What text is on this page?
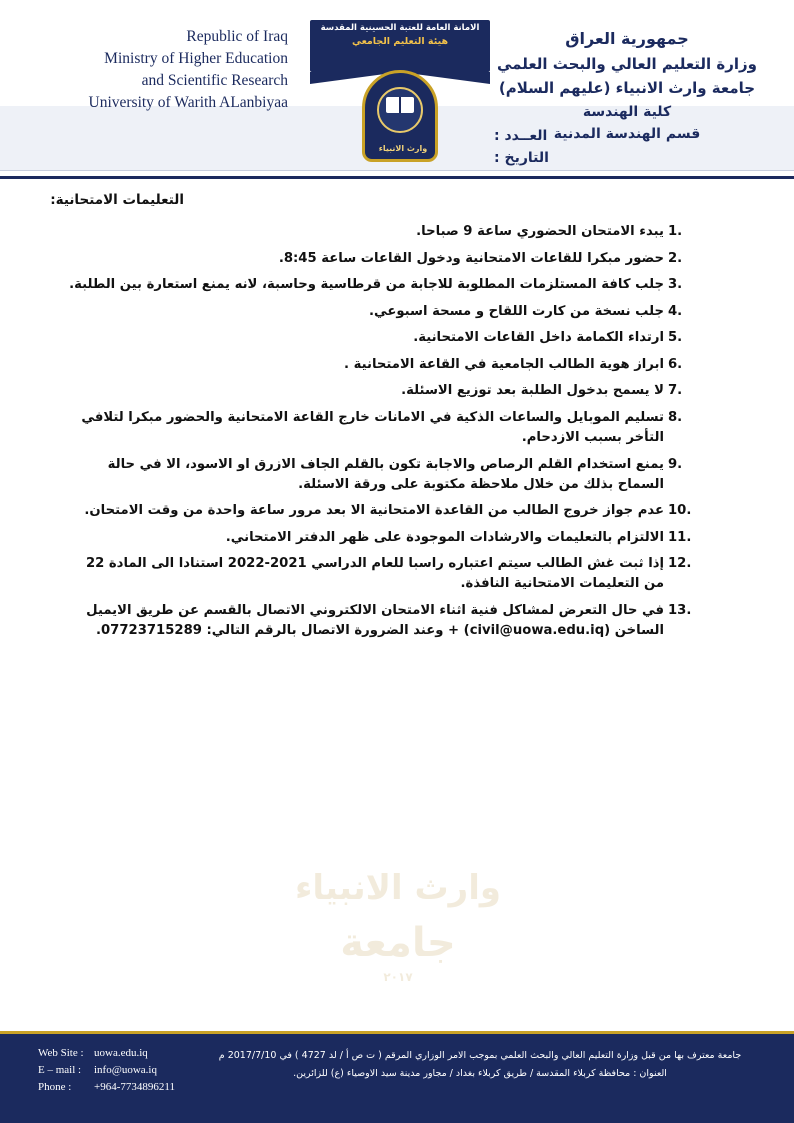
Republic of Iraq
Ministry of Higher Education
and Scientific Research
University of Warith ALanbiyaa
الامانة العامة للعتبة الحسينية المقدسة
هيئة التعليم الجامعي
وارث الانبياء
جمهورية العراق
وزارة التعليم العالي والبحث العلمي
جامعة وارث الانبياء (عليهم السلام)
كلية الهندسة
قسم الهندسة المدنية
العــدد :
التاريخ :
التعليمات الامتحانية:
1.
يبدء الامتحان الحضوري ساعة 9 صباحا.
2.
حضور مبكرا للقاعات الامتحانية ودخول القاعات ساعة 8:45.
3.
جلب كافة المستلزمات المطلوبة للاجابة من قرطاسية وحاسبة، لانه يمنع استعارة بين الطلبة.
4.
جلب نسخة من كارت اللقاح و مسحة اسبوعي.
5.
ارتداء الكمامة داخل القاعات الامتحانية.
6.
ابراز هوية الطالب الجامعية في القاعة الامتحانية .
7.
لا يسمح بدخول الطلبة بعد توزيع الاسئلة.
8.
تسليم الموبايل والساعات الذكية في الامانات خارج القاعة الامتحانية والحضور مبكرا لتلافي التأخر بسبب الازدحام.
9.
يمنع استخدام القلم الرصاص والاجابة تكون بالقلم الجاف الازرق او الاسود، الا في حالة السماح بذلك من خلال ملاحظة مكتوبة على ورقة الاسئلة.
10.
عدم جواز خروج الطالب من القاعدة الامتحانية الا بعد مرور ساعة واحدة من وقت الامتحان.
11.
الالتزام بالتعليمات والارشادات الموجودة على ظهر الدفتر الامتحاني.
12.
إذا ثبت غش الطالب سيتم اعتباره راسبا للعام الدراسي 2021-2022 استنادا الى المادة 22 من التعليمات الامتحانية النافذة.
13.
في حال التعرض لمشاكل فنية اثناء الامتحان الالكتروني الاتصال بالقسم عن طريق الايميل الساخن (civil@uowa.edu.iq) + وعند الضرورة الاتصال بالرقم التالي: 07723715289.
وارث الانبياء
جامعة
٢٠١٧
Web Site : uowa.edu.iq
E – mail : info@uowa.iq
Phone : +964-7734896211
جامعة معترف بها من قبل وزارة التعليم العالي والبحث العلمي بموجب الامر الوزاري المرقم ( ت ص أ / لد 4727 ) في 2017/7/10 م
العنوان : محافظة كربلاء المقدسة / طريق كربلاء بغداد / مجاور مدينة سيد الاوصياء (ع) للزائرين.
